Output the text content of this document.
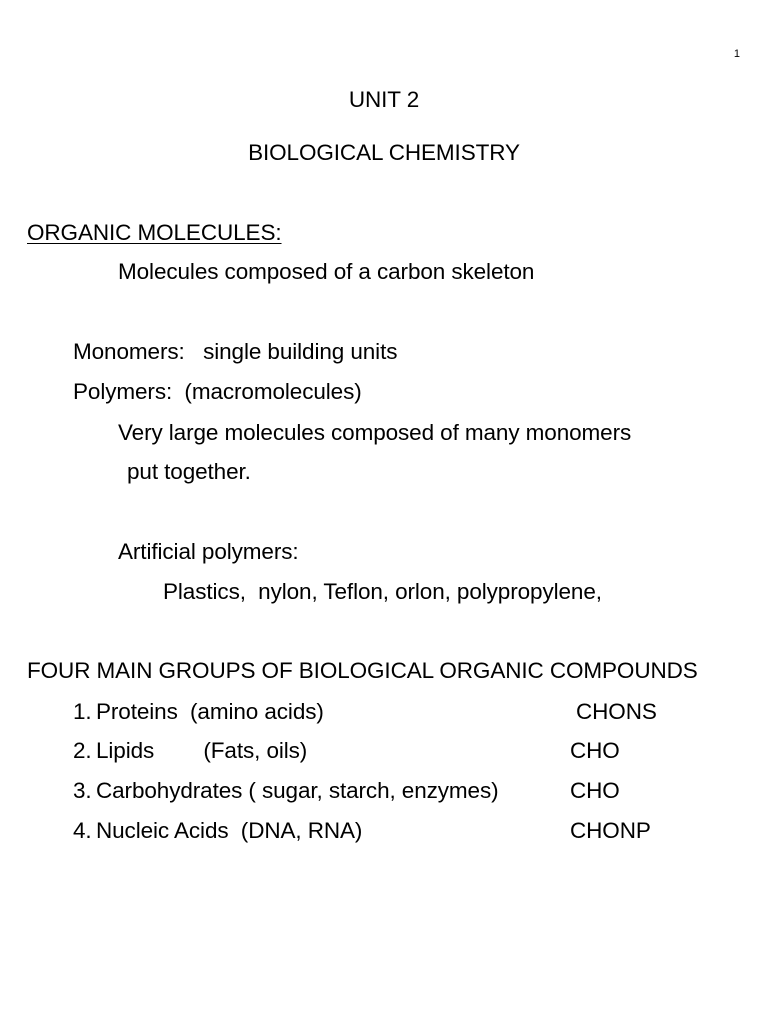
1
UNIT 2
BIOLOGICAL CHEMISTRY
ORGANIC MOLECULES:
Molecules composed of a carbon skeleton
Monomers:   single building units
Polymers:  (macromolecules)
Very large molecules composed of many monomers
put together.
Artificial polymers:
Plastics,  nylon, Teflon, orlon, polypropylene,
FOUR MAIN GROUPS OF BIOLOGICAL ORGANIC COMPOUNDS
1. Proteins  (amino acids)	CHONS
2. Lipids        (Fats, oils)	CHO
3. Carbohydrates ( sugar, starch, enzymes)	CHO
4. Nucleic Acids  (DNA, RNA)	CHONP
